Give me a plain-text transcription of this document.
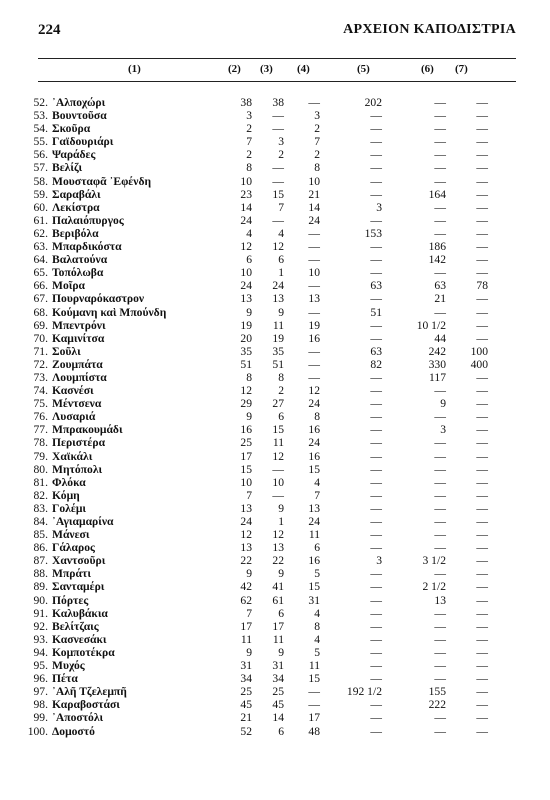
224	ΑΡΧΕΙΟΝ ΚΑΠΟΔΙΣΤΡΙΑ
(1)	(2) (3) (4)	(5)	(6) (7)
52. ᾿Αλποχώρι	38	38	—	202	—	—
53. Βουντοῦσα	3	—	3	—	—	—
54. Σκοῦρα	2	—	2	—	—	—
55. Γαϊδουριάρι	7	3	7	—	—	—
56. Ψαράδες	2	2	2	—	—	—
57. Βελίζι	8	—	8	—	—	—
58. Μουσταφᾶ ᾿Εφένδη	10	—	10	—	—	—
59. Σαραβάλι	23	15	21	—	164	—
60. Λεκίστρα	14	7	14	3	—	—
61. Παλαιόπυργος	24	—	24	—	—	—
62. Βεριβόλα	4	4	—	153	—	—
63. Μπαρδικόστα	12	12	—	—	186	—
64. Βαλατούνα	6	6	—	—	142	—
65. Τοπόλωβα	10	1	10	—	—	—
66. Μοῖρα	24	24	—	63	63	78
67. Πουρναρόκαστρον	13	13	13	—	21	—
68. Κούμανη καὶ Μπούνδη	9	9	—	51	—	—
69. Μπεντρόνι	19	11	19	—	10 1/2	—
70. Καμινίτσα	20	19	16	—	44	—
71. Σοῦλι	35	35	—	63	242	100
72. Ζουμπάτα	51	51	—	82	330	400
73. Λουμπίστα	8	8	—	—	117	—
74. Κασνέσι	12	2	12	—	—	—
75. Μέντσενα	29	27	24	—	9	—
76. Λυσαριά	9	6	8	—	—	—
77. Μπρακουμάδι	16	15	16	—	3	—
78. Περιστέρα	25	11	24	—	—	—
79. Χαϊκάλι	17	12	16	—	—	—
80. Μητόπολι	15	—	15	—	—	—
81. Φλόκα	10	10	4	—	—	—
82. Κόμη	7	—	7	—	—	—
83. Γολέμι	13	9	13	—	—	—
84. ᾿Αγιαμαρίνα	24	1	24	—	—	—
85. Μάνεσι	12	12	11	—	—	—
86. Γάλαρος	13	13	6	—	—	—
87. Χαντσοῦρι	22	22	16	3	3 1/2	—
88. Μπράτι	9	9	5	—	—	—
89. Σανταμέρι	42	41	15	—	2 1/2	—
90. Πόρτες	62	61	31	—	13	—
91. Καλυβάκια	7	6	4	—	—	—
92. Βελίτζαις	17	17	8	—	—	—
93. Κασνεσάκι	11	11	4	—	—	—
94. Κομποτέκρα	9	9	5	—	—	—
95. Μυχός	31	31	11	—	—	—
96. Πέτα	34	34	15	—	—	—
97. ᾿Αλῆ Τζελεμπῆ	25	25	—	192 1/2	155	—
98. Καραβοστάσι	45	45	—	—	222	—
99. ᾿Αποστόλι	21	14	17	—	—	—
100. Δομοστό	52	6	48	—	—	—
